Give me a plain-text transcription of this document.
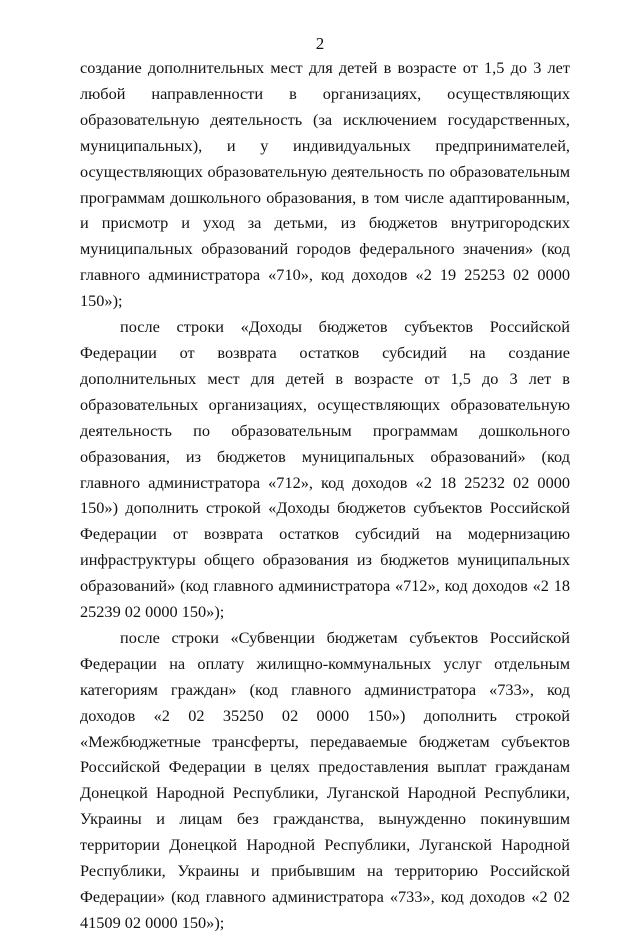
2

создание дополнительных мест для детей в возрасте от 1,5 до 3 лет любой направленности в организациях, осуществляющих образовательную деятельность (за исключением государственных, муниципальных), и у индивидуальных предпринимателей, осуществляющих образовательную деятельность по образовательным программам дошкольного образования, в том числе адаптированным, и присмотр и уход за детьми, из бюджетов внутригородских муниципальных образований городов федерального значения» (код главного администратора «710», код доходов «2 19 25253 02 0000 150»);

после строки «Доходы бюджетов субъектов Российской Федерации от возврата остатков субсидий на создание дополнительных мест для детей в возрасте от 1,5 до 3 лет в образовательных организациях, осуществляющих образовательную деятельность по образовательным программам дошкольного образования, из бюджетов муниципальных образований» (код главного администратора «712», код доходов «2 18 25232 02 0000 150») дополнить строкой «Доходы бюджетов субъектов Российской Федерации от возврата остатков субсидий на модернизацию инфраструктуры общего образования из бюджетов муниципальных образований» (код главного администратора «712», код доходов «2 18 25239 02 0000 150»);

после строки «Субвенции бюджетам субъектов Российской Федерации на оплату жилищно-коммунальных услуг отдельным категориям граждан» (код главного администратора «733», код доходов «2 02 35250 02 0000 150») дополнить строкой «Межбюджетные трансферты, передаваемые бюджетам субъектов Российской Федерации в целях предоставления выплат гражданам Донецкой Народной Республики, Луганской Народной Республики, Украины и лицам без гражданства, вынужденно покинувшим территории Донецкой Народной Республики, Луганской Народной Республики, Украины и прибывшим на территорию Российской Федерации» (код главного администратора «733», код доходов «2 02 41509 02 0000 150»);
